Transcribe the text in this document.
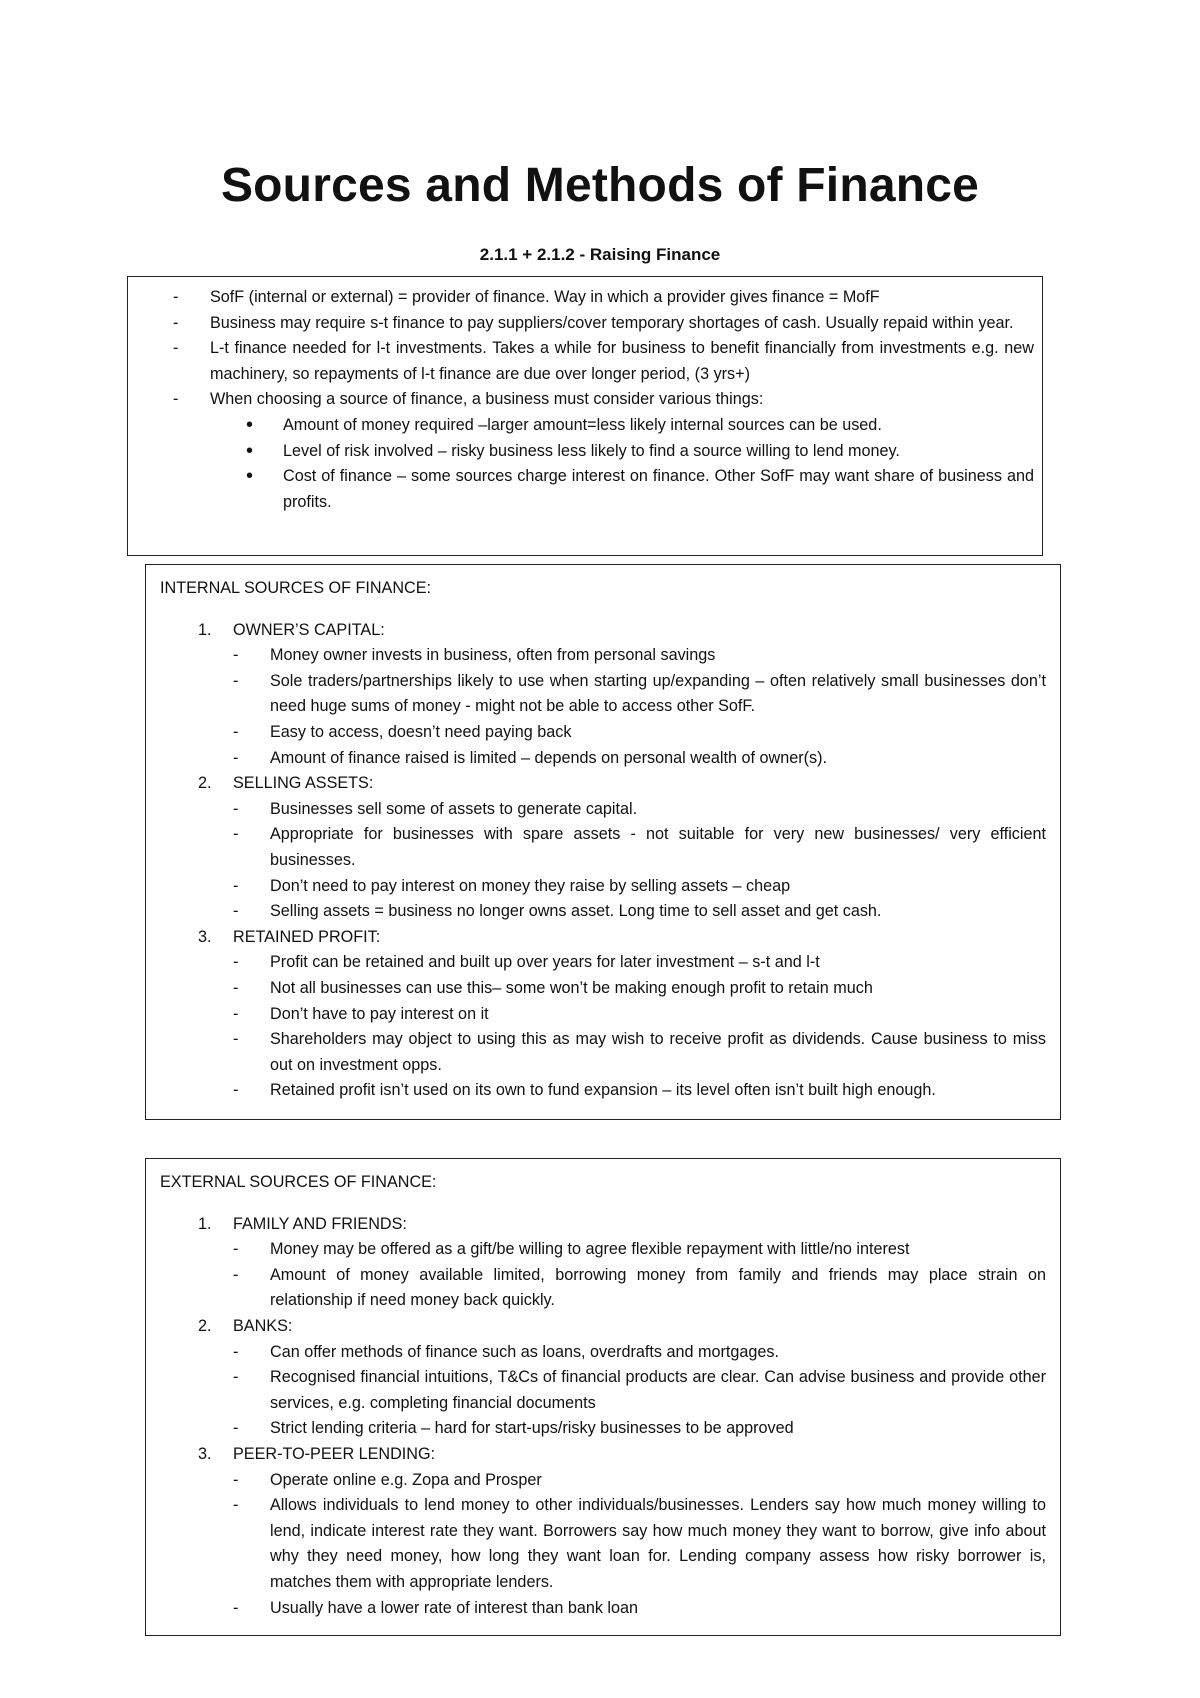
Sources and Methods of Finance
2.1.1 + 2.1.2 - Raising Finance
- SofF (internal or external) = provider of finance. Way in which a provider gives finance = MofF
- Business may require s-t finance to pay suppliers/cover temporary shortages of cash. Usually repaid within year.
- L-t finance needed for l-t investments. Takes a while for business to benefit financially from investments e.g. new machinery, so repayments of l-t finance are due over longer period, (3 yrs+)
- When choosing a source of finance, a business must consider various things:
• Amount of money required –larger amount=less likely internal sources can be used.
• Level of risk involved – risky business less likely to find a source willing to lend money.
• Cost of finance – some sources charge interest on finance. Other SofF may want share of business and profits.
INTERNAL SOURCES OF FINANCE:
1. OWNER’S CAPITAL:
- Money owner invests in business, often from personal savings
- Sole traders/partnerships likely to use when starting up/expanding – often relatively small businesses don’t need huge sums of money - might not be able to access other SofF.
- Easy to access, doesn’t need paying back
- Amount of finance raised is limited – depends on personal wealth of owner(s).
2. SELLING ASSETS:
- Businesses sell some of assets to generate capital.
- Appropriate for businesses with spare assets - not suitable for very new businesses/ very efficient businesses.
- Don’t need to pay interest on money they raise by selling assets – cheap
- Selling assets = business no longer owns asset. Long time to sell asset and get cash.
3. RETAINED PROFIT:
- Profit can be retained and built up over years for later investment – s-t and l-t
- Not all businesses can use this– some won’t be making enough profit to retain much
- Don’t have to pay interest on it
- Shareholders may object to using this as may wish to receive profit as dividends. Cause business to miss out on investment opps.
- Retained profit isn’t used on its own to fund expansion – its level often isn’t built high enough.
EXTERNAL SOURCES OF FINANCE:
1. FAMILY AND FRIENDS:
- Money may be offered as a gift/be willing to agree flexible repayment with little/no interest
- Amount of money available limited, borrowing money from family and friends may place strain on relationship if need money back quickly.
2. BANKS:
- Can offer methods of finance such as loans, overdrafts and mortgages.
- Recognised financial intuitions, T&Cs of financial products are clear. Can advise business and provide other services, e.g. completing financial documents
- Strict lending criteria – hard for start-ups/risky businesses to be approved
3. PEER-TO-PEER LENDING:
- Operate online e.g. Zopa and Prosper
- Allows individuals to lend money to other individuals/businesses. Lenders say how much money willing to lend, indicate interest rate they want. Borrowers say how much money they want to borrow, give info about why they need money, how long they want loan for. Lending company assess how risky borrower is, matches them with appropriate lenders.
- Usually have a lower rate of interest than bank loan
